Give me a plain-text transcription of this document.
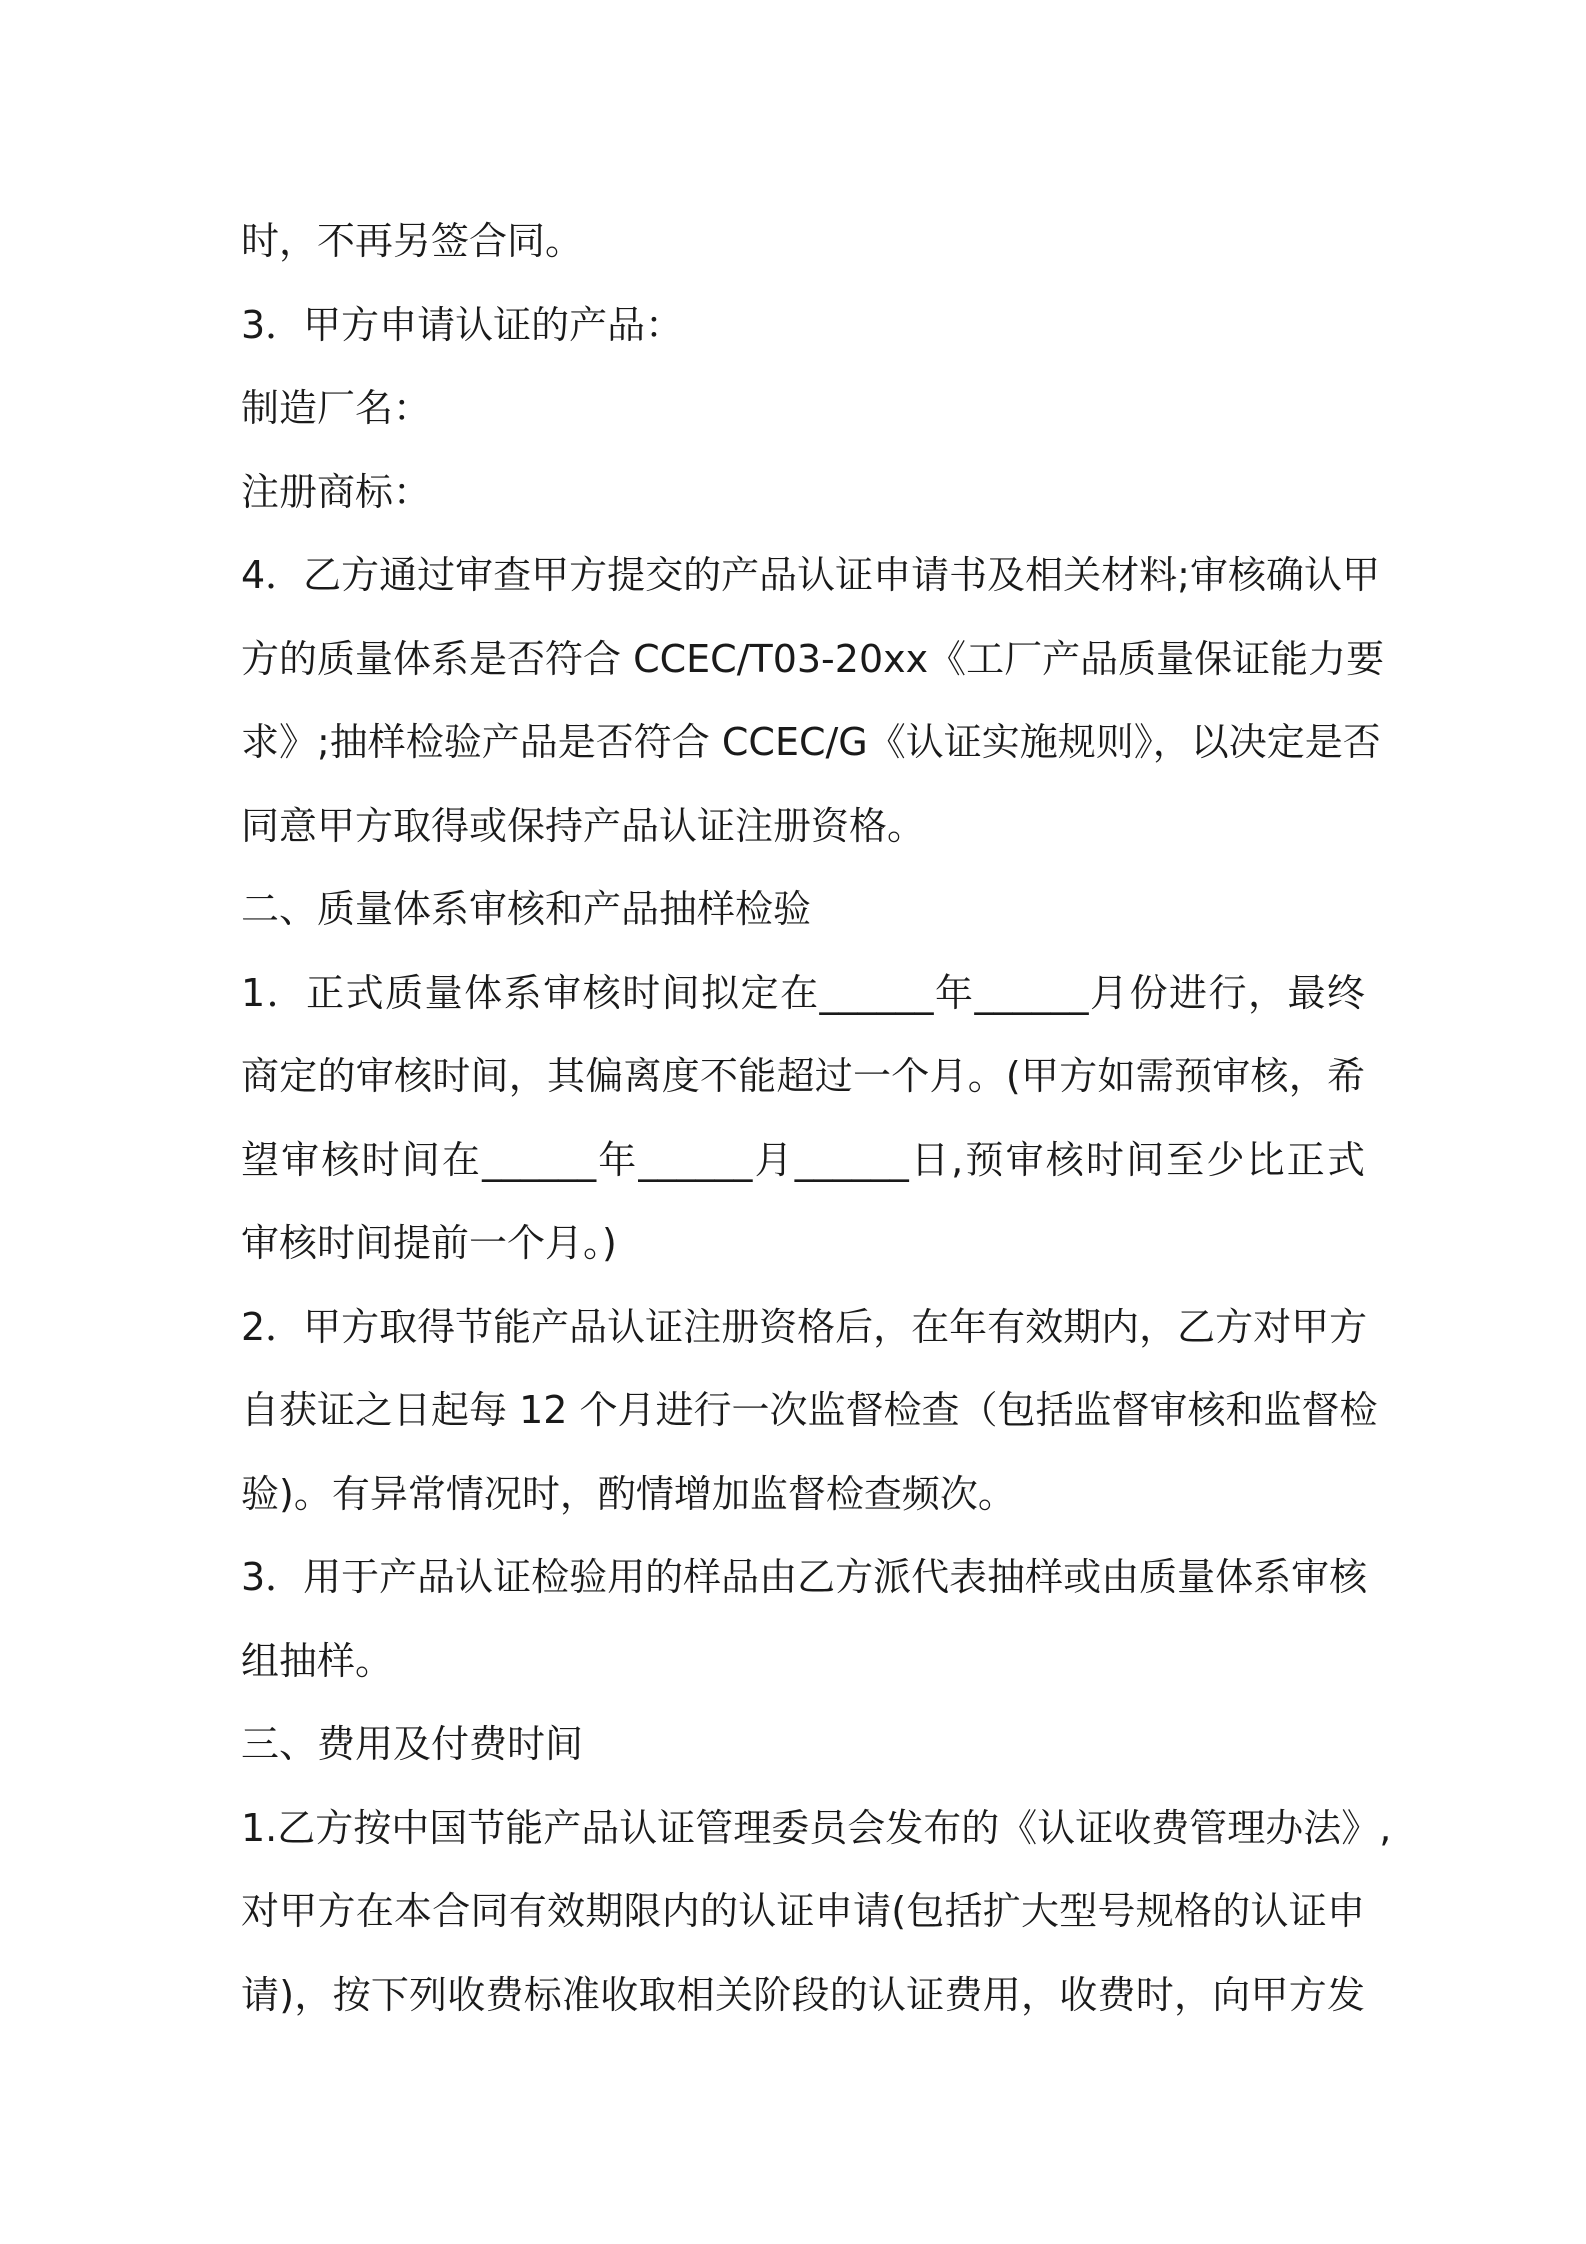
时，不再另签合同。
3．甲方申请认证的产品：
制造厂名：
注册商标：
4．乙方通过审查甲方提交的产品认证申请书及相关材料;审核确认甲
方的质量体系是否符合 CCEC/T03-20xx《工厂产品质量保证能力要
求》;抽样检验产品是否符合 CCEC/G《认证实施规则》，以决定是否
同意甲方取得或保持产品认证注册资格。
二、质量体系审核和产品抽样检验
1．正式质量体系审核时间拟定在______年______月份进行，最终
商定的审核时间，其偏离度不能超过一个月。(甲方如需预审核，希
望审核时间在______年______月______日,预审核时间至少比正式
审核时间提前一个月。)
2．甲方取得节能产品认证注册资格后，在年有效期内，乙方对甲方
自获证之日起每 12 个月进行一次监督检查（包括监督审核和监督检
验)。有异常情况时，酌情增加监督检查频次。
3．用于产品认证检验用的样品由乙方派代表抽样或由质量体系审核
组抽样。
三、费用及付费时间
1.乙方按中国节能产品认证管理委员会发布的《认证收费管理办法》,
对甲方在本合同有效期限内的认证申请(包括扩大型号规格的认证申
请)，按下列收费标准收取相关阶段的认证费用，收费时，向甲方发
